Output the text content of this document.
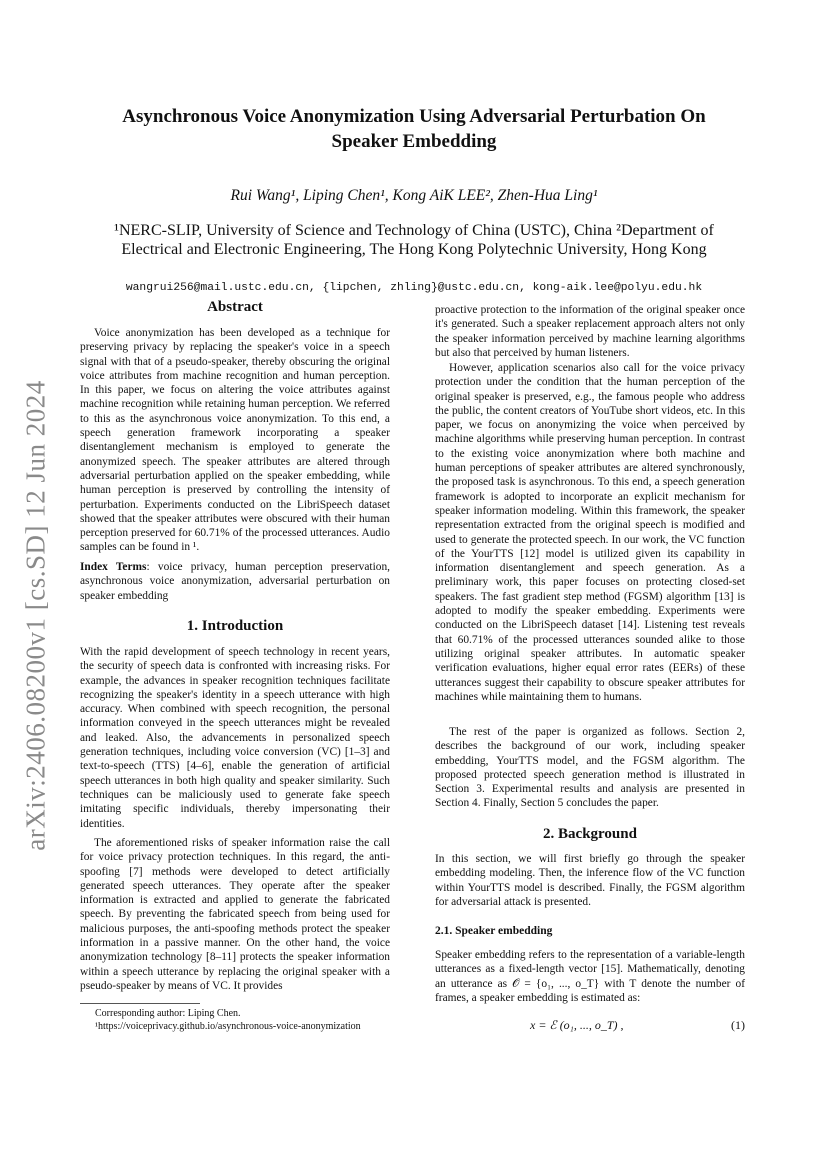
arXiv:2406.08200v1 [cs.SD] 12 Jun 2024
Asynchronous Voice Anonymization Using Adversarial Perturbation On Speaker Embedding

Rui Wang¹, Liping Chen¹, Kong AiK LEE², Zhen-Hua Ling¹

¹NERC-SLIP, University of Science and Technology of China (USTC), China ²Department of Electrical and Electronic Engineering, The Hong Kong Polytechnic University, Hong Kong

wangrui256@mail.ustc.edu.cn, {lipchen, zhling}@ustc.edu.cn, kong-aik.lee@polyu.edu.hk

Abstract

Voice anonymization has been developed as a technique for preserving privacy by replacing the speaker's voice in a speech signal with that of a pseudo-speaker, thereby obscuring the original voice attributes from machine recognition and human perception. In this paper, we focus on altering the voice attributes against machine recognition while retaining human perception. We referred to this as the asynchronous voice anonymization. To this end, a speech generation framework incorporating a speaker disentanglement mechanism is employed to generate the anonymized speech. The speaker attributes are altered through adversarial perturbation applied on the speaker embedding, while human perception is preserved by controlling the intensity of perturbation. Experiments conducted on the LibriSpeech dataset showed that the speaker attributes were obscured with their human perception preserved for 60.71% of the processed utterances. Audio samples can be found in ¹.

Index Terms: voice privacy, human perception preservation, asynchronous voice anonymization, adversarial perturbation on speaker embedding

1. Introduction

With the rapid development of speech technology in recent years, the security of speech data is confronted with increasing risks. For example, the advances in speaker recognition techniques facilitate recognizing the speaker's identity in a speech utterance with high accuracy. When combined with speech recognition, the personal information conveyed in the speech utterances might be revealed and leaked. Also, the advancements in personalized speech generation techniques, including voice conversion (VC) [1–3] and text-to-speech (TTS) [4–6], enable the generation of artificial speech utterances in both high quality and speaker similarity. Such techniques can be maliciously used to generate fake speech imitating specific individuals, thereby impersonating their identities.

The aforementioned risks of speaker information raise the call for voice privacy protection techniques. In this regard, the anti-spoofing [7] methods were developed to detect artificially generated speech utterances. They operate after the speaker information is extracted and applied to generate the fabricated speech. By preventing the fabricated speech from being used for malicious purposes, the anti-spoofing methods protect the speaker information in a passive manner. On the other hand, the voice anonymization technology [8–11] protects the speaker information within a speech utterance by replacing the original speaker with a pseudo-speaker by means of VC. It provides

Corresponding author: Liping Chen.

¹https://voiceprivacy.github.io/asynchronous-voice-anonymization

proactive protection to the information of the original speaker once it's generated. Such a speaker replacement approach alters not only the speaker information perceived by machine learning algorithms but also that perceived by human listeners.

However, application scenarios also call for the voice privacy protection under the condition that the human perception of the original speaker is preserved, e.g., the famous people who address the public, the content creators of YouTube short videos, etc. In this paper, we focus on anonymizing the voice when perceived by machine algorithms while preserving human perception. In contrast to the existing voice anonymization where both machine and human perceptions of speaker attributes are altered synchronously, the proposed task is asynchronous. To this end, a speech generation framework is adopted to incorporate an explicit mechanism for speaker information modeling. Within this framework, the speaker representation extracted from the original speech is modified and used to generate the protected speech. In our work, the VC function of the YourTTS [12] model is utilized given its capability in information disentanglement and speech generation. As a preliminary work, this paper focuses on protecting closed-set speakers. The fast gradient step method (FGSM) algorithm [13] is adopted to modify the speaker embedding. Experiments were conducted on the LibriSpeech dataset [14]. Listening test reveals that 60.71% of the processed utterances sounded alike to those utilizing original speaker attributes. In automatic speaker verification evaluations, higher equal error rates (EERs) of these utterances suggest their capability to obscure speaker attributes for machines while maintaining them to humans.

The rest of the paper is organized as follows. Section 2, describes the background of our work, including speaker embedding, YourTTS model, and the FGSM algorithm. The proposed protected speech generation method is illustrated in Section 3. Experimental results and analysis are presented in Section 4. Finally, Section 5 concludes the paper.

2. Background

In this section, we will first briefly go through the speaker embedding modeling. Then, the inference flow of the VC function within YourTTS model is described. Finally, the FGSM algorithm for adversarial attack is presented.

2.1. Speaker embedding

Speaker embedding refers to the representation of a variable-length utterances as a fixed-length vector [15]. Mathematically, denoting an utterance as 𝒪 = {o₁, ..., o_T} with T denote the number of frames, a speaker embedding is estimated as:

x = ℰ (o₁, ..., o_T) ,	(1)
